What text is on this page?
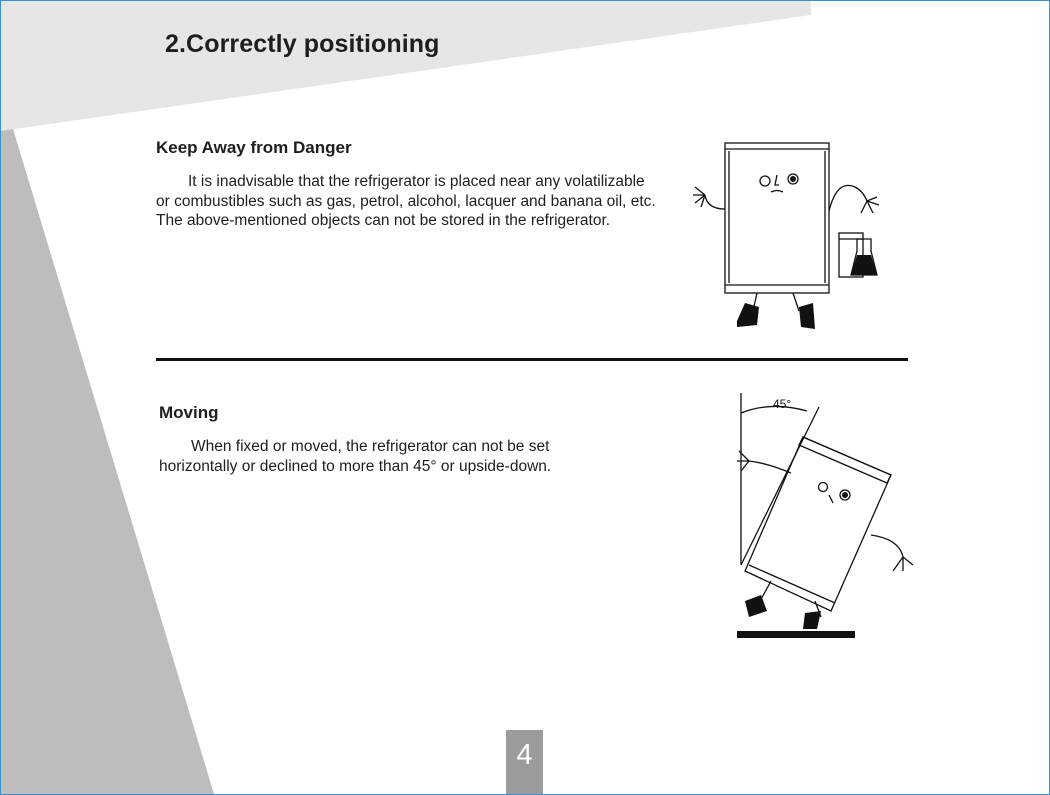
2.Correctly positioning
Keep Away from Danger

It is inadvisable that the refrigerator is placed near any volatilizable or combustibles such as gas, petrol, alcohol, lacquer and banana oil, etc. The above-mentioned objects can not be stored in the refrigerator.

Moving

When fixed or moved, the refrigerator can not be set horizontally or declined to more than 45° or upside-down.

45°
4
